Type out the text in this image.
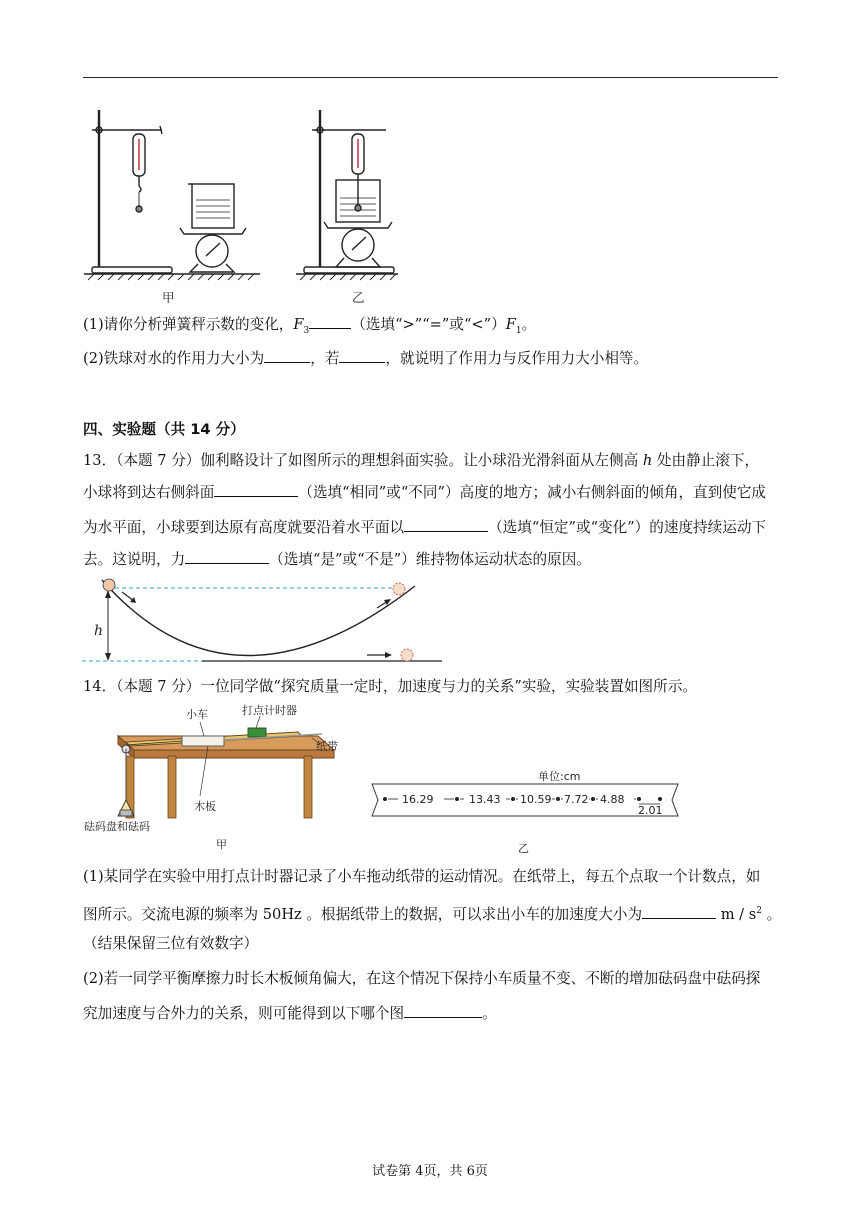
甲	乙
(1)请你分析弹簧秤示数的变化，$F_3$	（选填“>”“=”或“$<”)F_1$。
(2)铁球对水的作用力大小为	，若	，就说明了作用力与反作用力大小相等。
四、实验题（共 14 分）
13．（本题 7 分）伽利略设计了如图所示的理想斜面实验。让小球沿光滑斜面从左侧高 h 处由静止滚下，
小球将到达右侧斜面	（选填“相同”或“不同”）高度的地方；减小右侧斜面的倾角，直到使它成
为水平面，小球要到达原有高度就要沿着水平面以	（选填“恒定”或“变化”）的速度持续运动下
去。这说明，力	（选填“是”或“不是”）维持物体运动状态的原因。
h
14．（本题 7 分）一位同学做“探究质量一定时，加速度与力的关系”实验，实验装置如图所示。
小车	打点计时器
纸带
木板
砝码盘和砝码
甲
单位:cm
16.29	13.43 10.59 7.72 4.88
2.01
乙
(1)某同学在实验中用打点计时器记录了小车拖动纸带的运动情况。在纸带上，每五个点取一个计数点，如
图所示。交流电源的频率为 50Hz 。根据纸带上的数据，可以求出小车的加速度大小为	m / $s^2$ 。
（结果保留三位有效数字）
(2)若一同学平衡摩擦力时长木板倾角偏大，在这个情况下保持小车质量不变、不断的增加砝码盘中砝码探
究加速度与合外力的关系，则可能得到以下哪个图	。
试卷第 4页，共 6页
